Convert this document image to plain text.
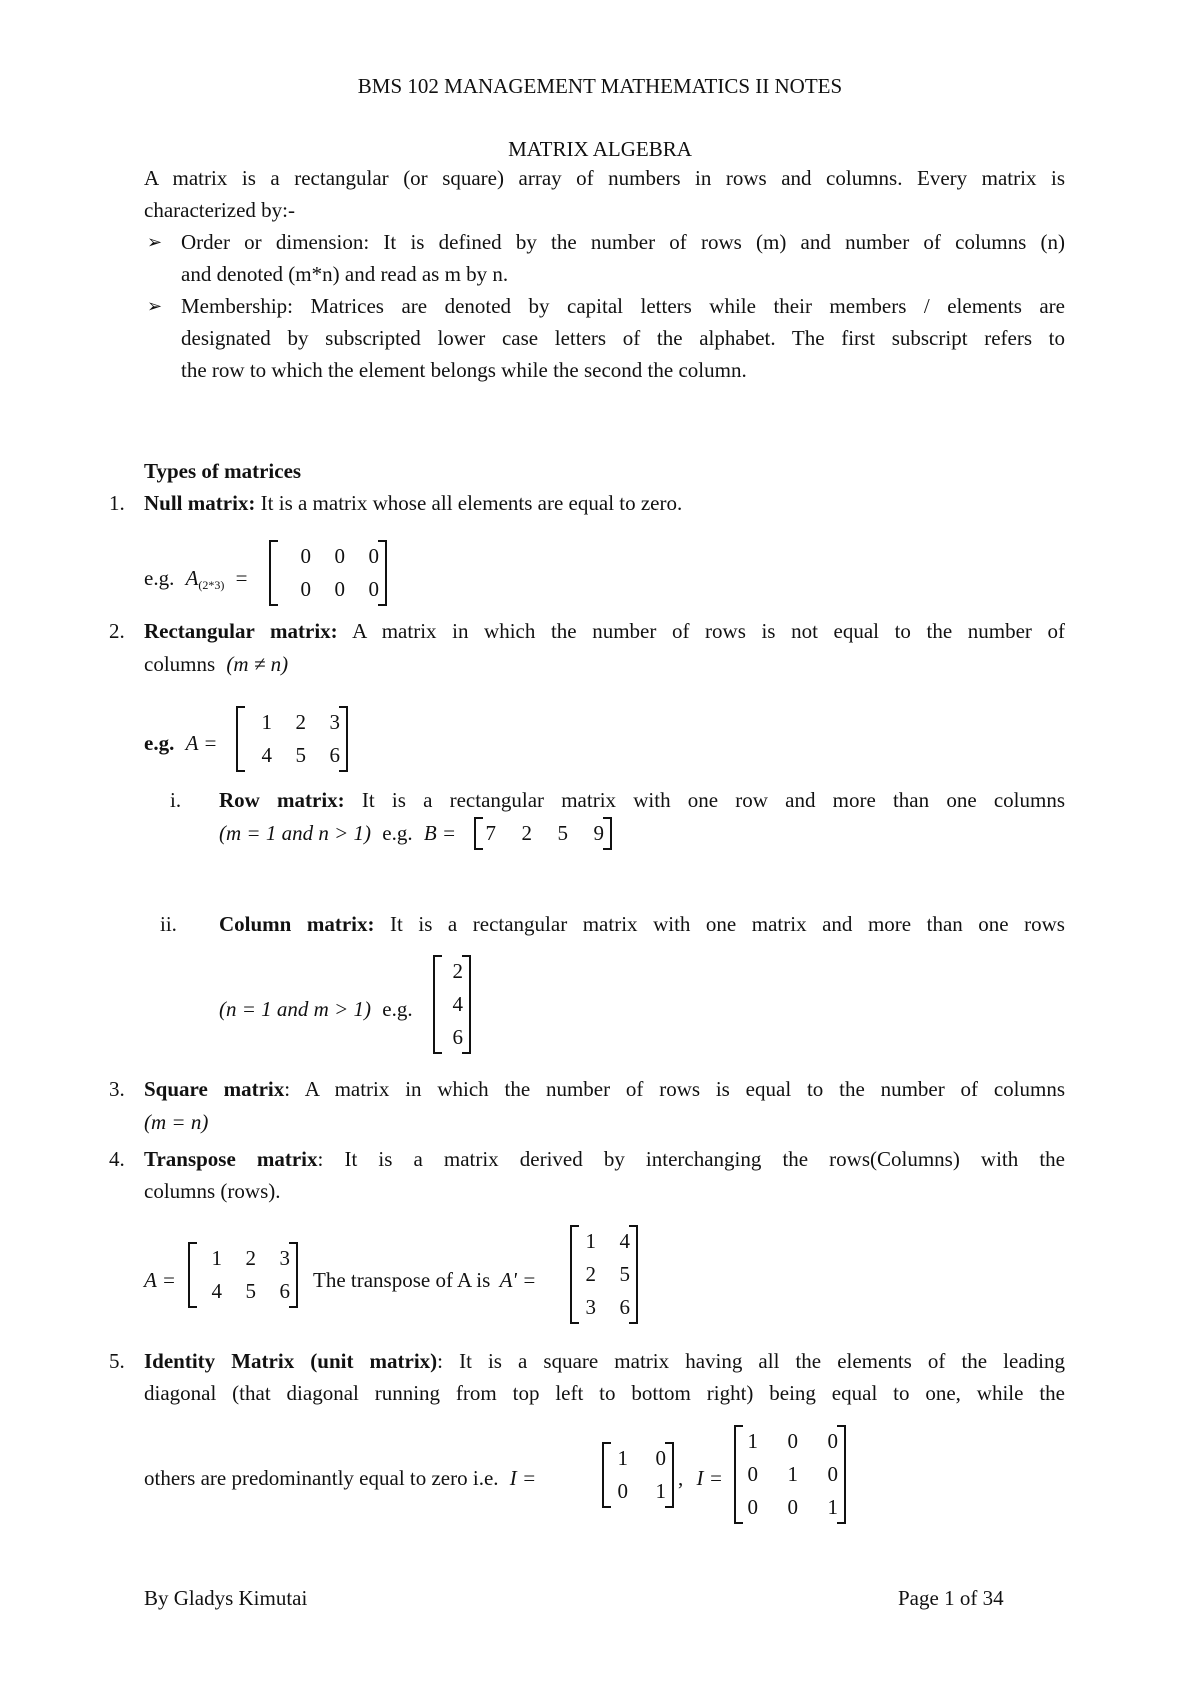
BMS 102 MANAGEMENT MATHEMATICS II NOTES
MATRIX ALGEBRA
A matrix is a rectangular (or square) array of numbers in rows and columns. Every matrix is
characterized by:-
➢ Order or dimension: It is defined by the number of rows (m) and number of columns (n)
and denoted (m*n) and read as m by n.
➢ Membership: Matrices are denoted by capital letters while their members / elements are
designated by subscripted lower case letters of the alphabet. The first subscript refers to
the row to which the element belongs while the second the column.
Types of matrices
1. Null matrix: It is a matrix whose all elements are equal to zero.
e.g. A(2*3) =
0	0	0
0	0	0
2. Rectangular matrix: A matrix in which the number of rows is not equal to the number of
columns (m ≠ n)
e.g. A =
1	2	3
4	5	6
i. Row matrix: It is a rectangular matrix with one row and more than one columns
(m = 1 and n > 1) e.g. B = 7	2	5	9
ii. Column matrix: It is a rectangular matrix with one matrix and more than one rows
(n = 1 and m > 1) e.g.
2
4
6
3. Square matrix: A matrix in which the number of rows is equal to the number of columns
(m = n)
4. Transpose matrix: It is a matrix derived by interchanging the rows(Columns) with the
columns (rows).
A =
1	2	3
4	5	6 The transpose of A is A' =
1	4
2	5
3	6
5. Identity Matrix (unit matrix): It is a square matrix having all the elements of the leading
diagonal (that diagonal running from top left to bottom right) being equal to one, while the
others are predominantly equal to zero i.e. I =
1	0
0	1
, I =
1	0	0
0	1	0
0	0	1
By Gladys Kimutai	Page 1 of 34
